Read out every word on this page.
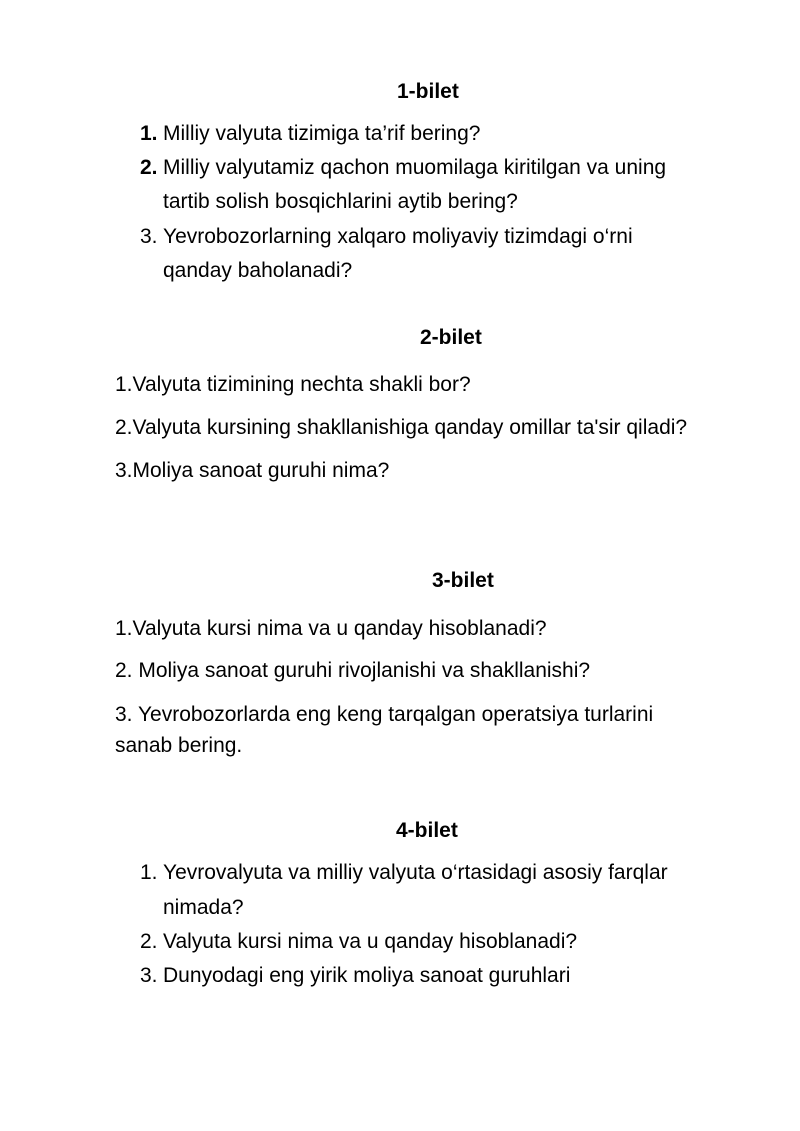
1-bilet
1. Milliy valyuta tizimiga ta’rif bering?
2. Milliy valyutamiz qachon muomilaga kiritilgan va uning
tartib solish bosqichlarini aytib bering?
3. Yevrobozorlarning xalqaro moliyaviy tizimdagi o‘rni
qanday baholanadi?
2-bilet
1.Valyuta tizimining nechta shakli bor?
2.Valyuta kursining shakllanishiga qanday omillar ta'sir qiladi?
3.Moliya sanoat guruhi nima?
3-bilet
1.Valyuta kursi nima va u qanday hisoblanadi?
2. Moliya sanoat guruhi rivojlanishi va shakllanishi?
3. Yevrobozorlarda eng keng tarqalgan operatsiya turlarini
sanab bering.
4-bilet
1. Yevrovalyuta va milliy valyuta o‘rtasidagi asosiy farqlar
nimada?
2. Valyuta kursi nima va u qanday hisoblanadi?
3. Dunyodagi eng yirik moliya sanoat guruhlari
